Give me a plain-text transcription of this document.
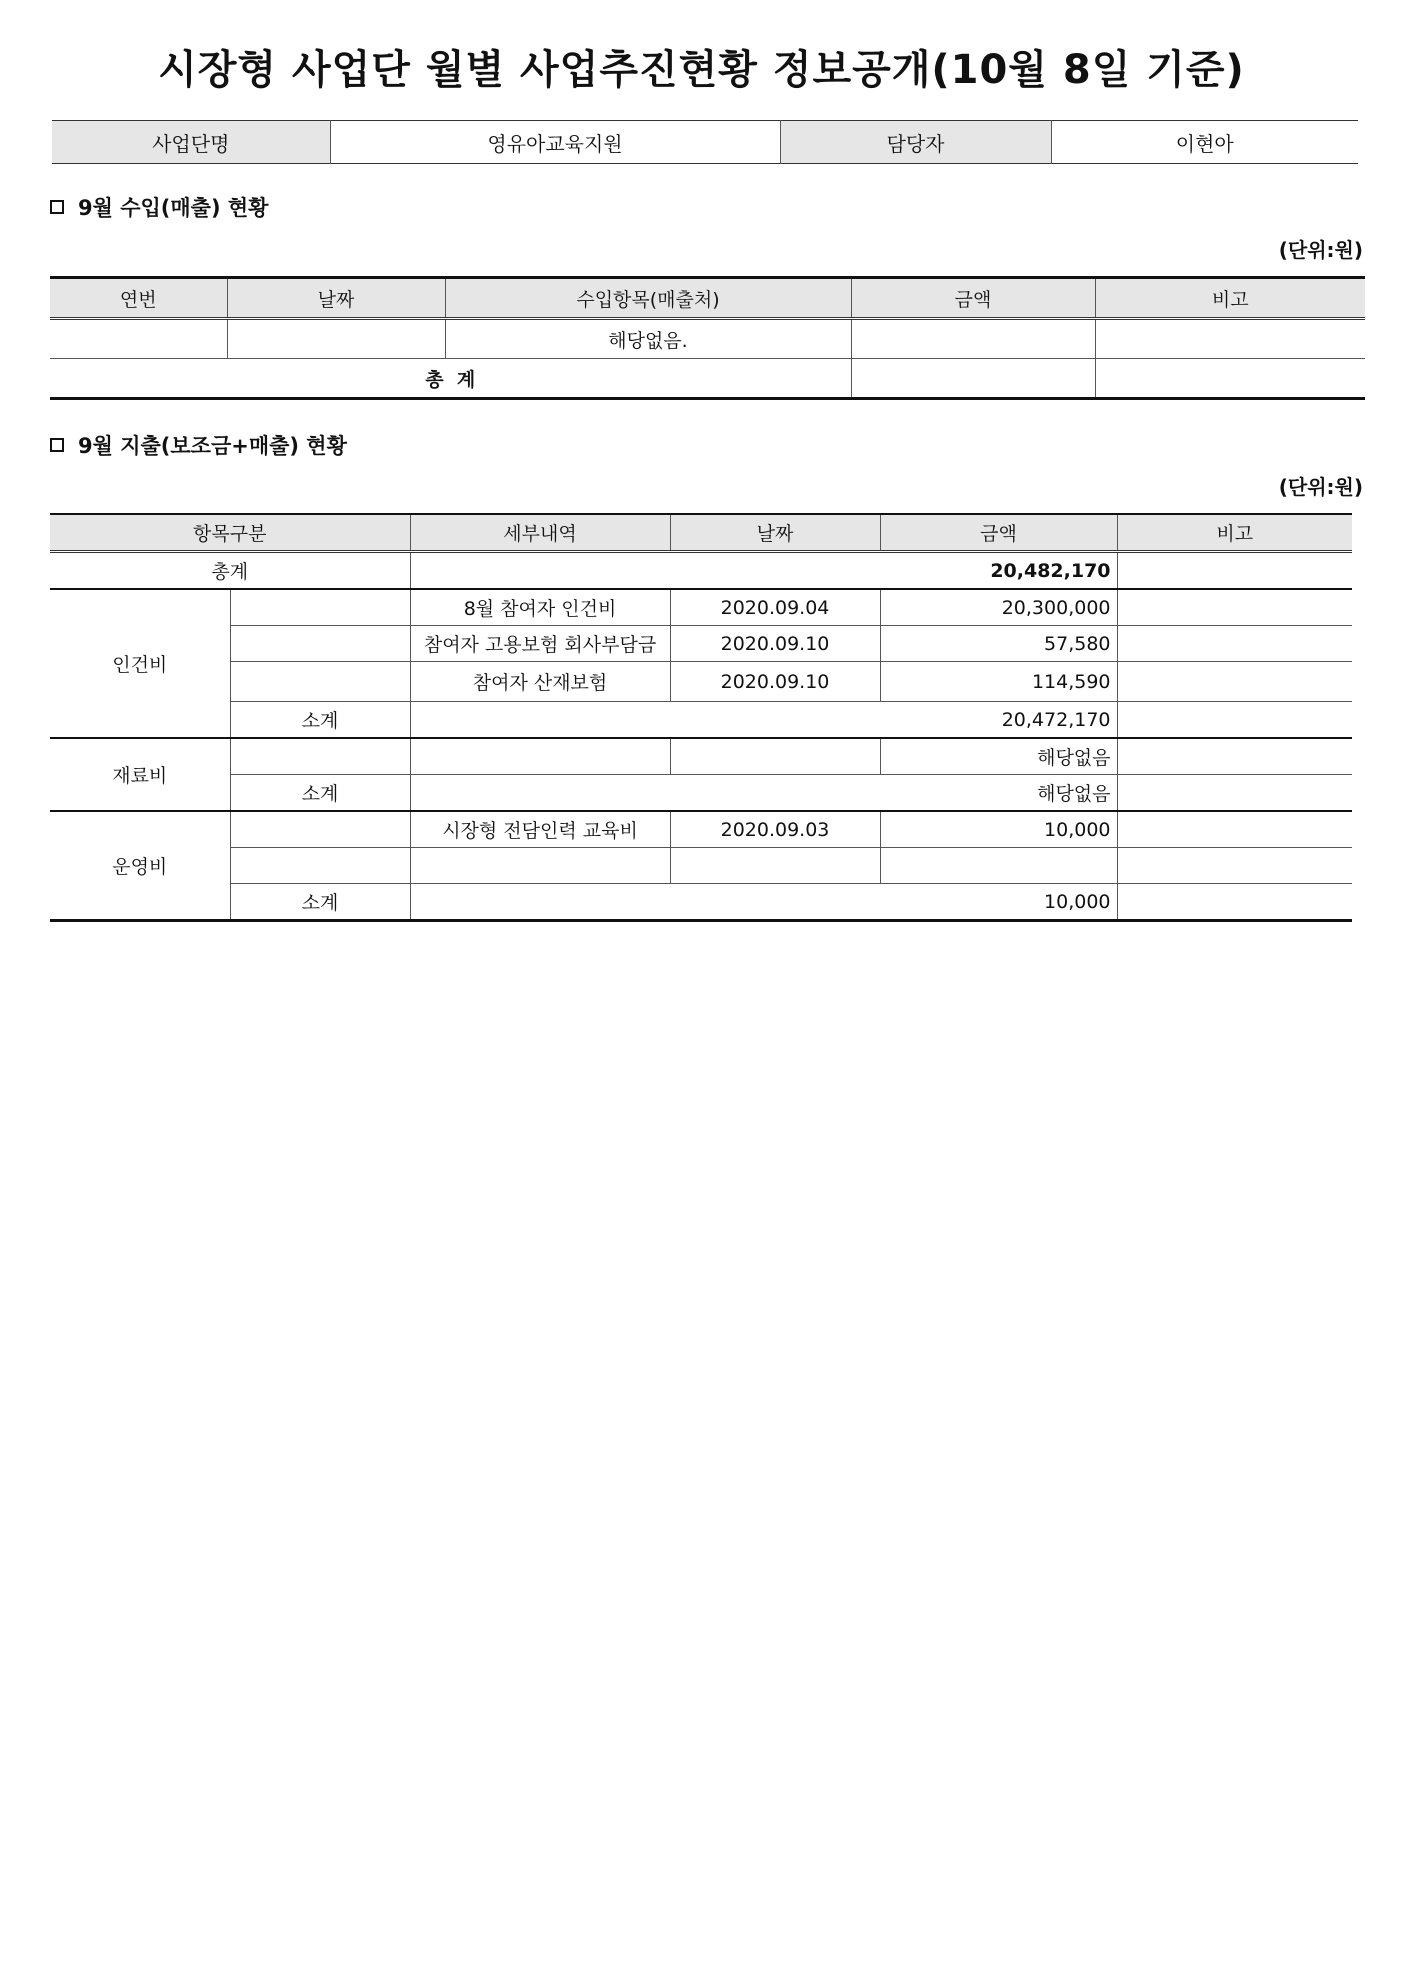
시장형 사업단 월별 사업추진현황 정보공개(10월 8일 기준)
사업단명	영유아교육지원	담당자	이현아
9월 수입(매출) 현황
(단위:원)
연번	날짜	수입항목(매출처)	금액	비고
		해당없음.		
총  계				
9월 지출(보조금+매출) 현황
(단위:원)
항목구분		세부내역	날짜	금액	비고
총계		20,482,170			
인건비		8월 참여자 인건비	2020.09.04	20,300,000	
		참여자 고용보험 회사부담금	2020.09.10	57,580	
		참여자 산재보험	2020.09.10	114,590	
	소계	20,472,170			
재료비				해당없음	
	소계	해당없음			
운영비		시장형 전담인력 교육비	2020.09.03	10,000	

	소계	10,000			
